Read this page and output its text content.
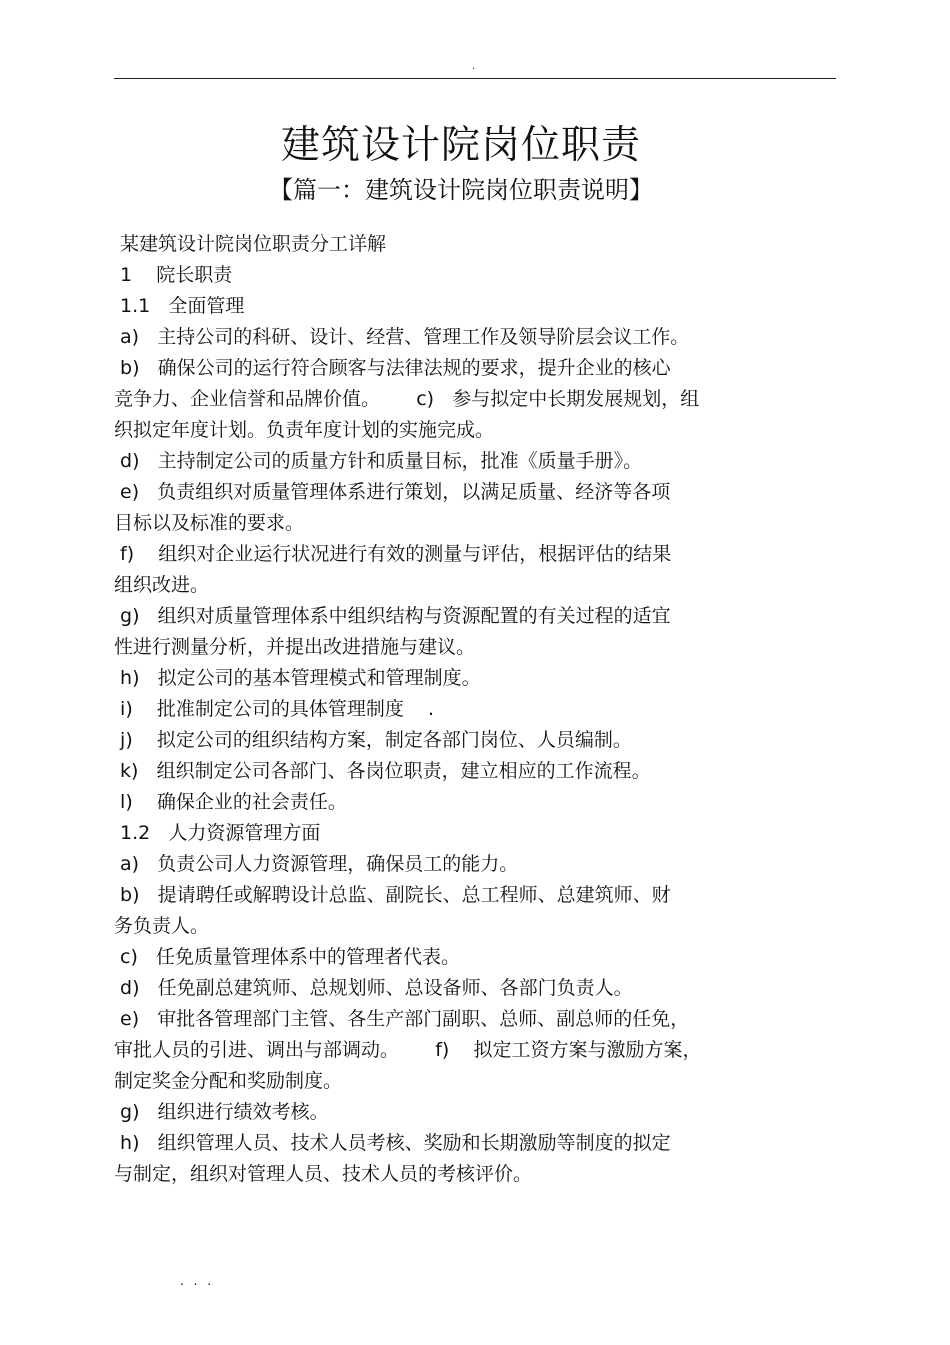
.
建筑设计院岗位职责
【篇一：建筑设计院岗位职责说明】
某建筑设计院岗位职责分工详解
1    院长职责
1.1   全面管理
a)   主持公司的科研、设计、经营、管理工作及领导阶层会议工作。
b)   确保公司的运行符合顾客与法律法规的要求，提升企业的核心
竞争力、企业信誉和品牌价值。      c)   参与拟定中长期发展规划，组
织拟定年度计划。负责年度计划的实施完成。
d)   主持制定公司的质量方针和质量目标，批准《质量手册》。
e)   负责组织对质量管理体系进行策划，以满足质量、经济等各项
目标以及标准的要求。
f)    组织对企业运行状况进行有效的测量与评估，根据评估的结果
组织改进。
g)   组织对质量管理体系中组织结构与资源配置的有关过程的适宜
性进行测量分析，并提出改进措施与建议。
h)   拟定公司的基本管理模式和管理制度。
i)    批准制定公司的具体管理制度    .
j)    拟定公司的组织结构方案，制定各部门岗位、人员编制。
k)   组织制定公司各部门、各岗位职责，建立相应的工作流程。
l)    确保企业的社会责任。
1.2   人力资源管理方面
a)   负责公司人力资源管理，确保员工的能力。
b)   提请聘任或解聘设计总监、副院长、总工程师、总建筑师、财
务负责人。
c)   任免质量管理体系中的管理者代表。
d)   任免副总建筑师、总规划师、总设备师、各部门负责人。
e)   审批各管理部门主管、各生产部门副职、总师、副总师的任免，
审批人员的引进、调出与部调动。      f)    拟定工资方案与激励方案，
制定奖金分配和奖励制度。
g)   组织进行绩效考核。
h)   组织管理人员、技术人员考核、奖励和长期激励等制度的拟定
与制定，组织对管理人员、技术人员的考核评价。
. . .
